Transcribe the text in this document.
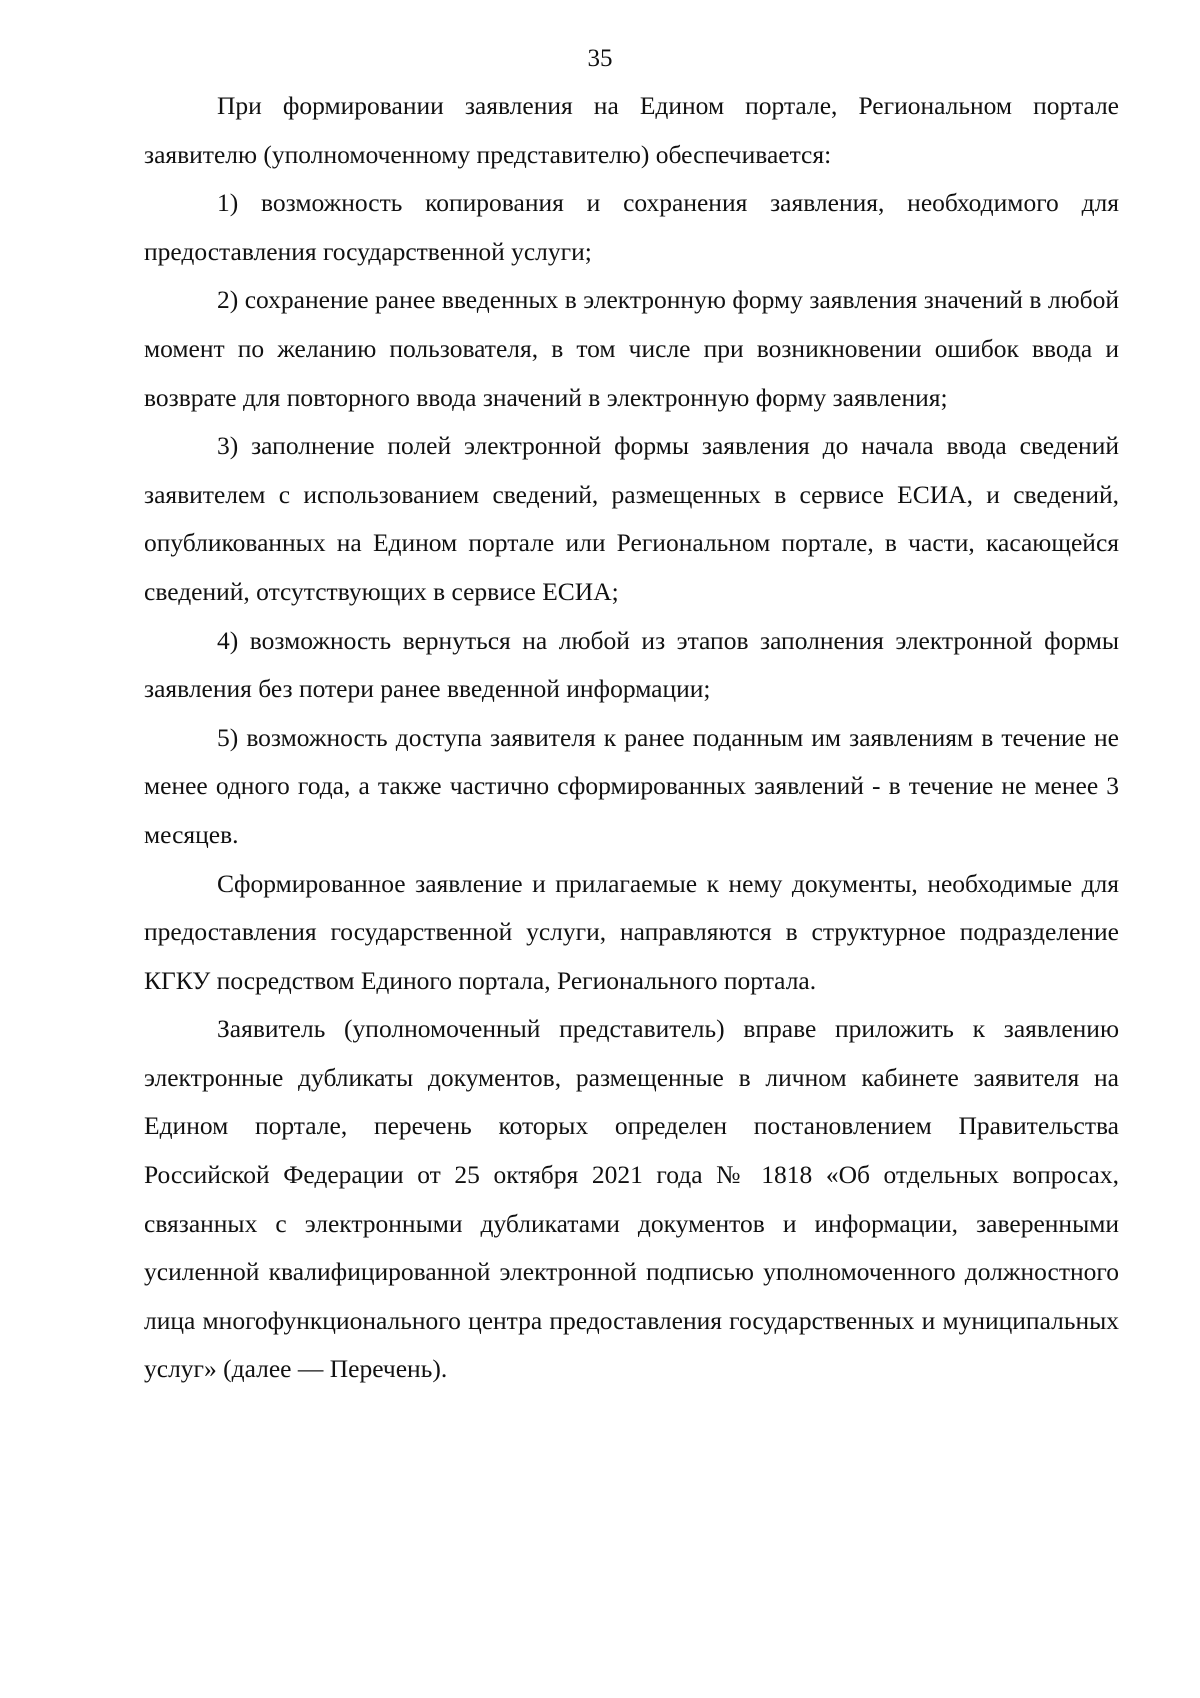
35

При формировании заявления на Едином портале, Региональном портале заявителю (уполномоченному представителю) обеспечивается:

1) возможность копирования и сохранения заявления, необходимого для предоставления государственной услуги;

2) сохранение ранее введенных в электронную форму заявления значений в любой момент по желанию пользователя, в том числе при возникновении ошибок ввода и возврате для повторного ввода значений в электронную форму заявления;

3) заполнение полей электронной формы заявления до начала ввода сведений заявителем с использованием сведений, размещенных в сервисе ЕСИА, и сведений, опубликованных на Едином портале или Региональном портале, в части, касающейся сведений, отсутствующих в сервисе ЕСИА;

4) возможность вернуться на любой из этапов заполнения электронной формы заявления без потери ранее введенной информации;

5) возможность доступа заявителя к ранее поданным им заявлениям в течение не менее одного года, а также частично сформированных заявлений - в течение не менее 3 месяцев.

Сформированное заявление и прилагаемые к нему документы, необходимые для предоставления государственной услуги, направляются в структурное подразделение КГКУ посредством Единого портала, Регионального портала.

Заявитель (уполномоченный представитель) вправе приложить к заявлению электронные дубликаты документов, размещенные в личном кабинете заявителя на Едином портале, перечень которых определен постановлением Правительства Российской Федерации от 25 октября 2021 года № 1818 «Об отдельных вопросах, связанных с электронными дубликатами документов и информации, заверенными усиленной квалифицированной электронной подписью уполномоченного должностного лица многофункционального центра предоставления государственных и муниципальных услуг» (далее — Перечень).
